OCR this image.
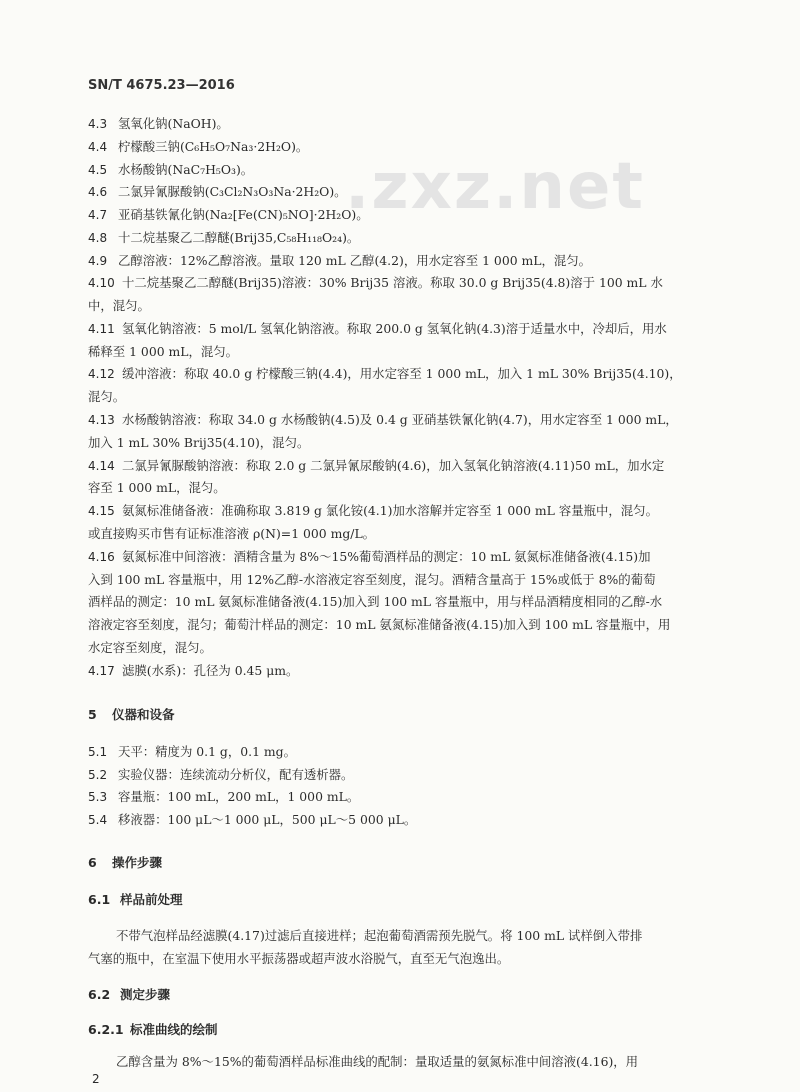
SN/T 4675.23—2016
.zxz.net
4.3 氢氧化钠(NaOH)。
4.4 柠檬酸三钠(C₆H₅O₇Na₃·2H₂O)。
4.5 水杨酸钠(NaC₇H₅O₃)。
4.6 二氯异氰脲酸钠(C₃Cl₂N₃O₃Na·2H₂O)。
4.7 亚硝基铁氰化钠(Na₂[Fe(CN)₅NO]·2H₂O)。
4.8 十二烷基聚乙二醇醚(Brij35,C₅₈H₁₁₈O₂₄)。
4.9 乙醇溶液：12%乙醇溶液。量取 120 mL 乙醇(4.2)，用水定容至 1 000 mL，混匀。
4.10 十二烷基聚乙二醇醚(Brij35)溶液：30% Brij35 溶液。称取 30.0 g Brij35(4.8)溶于 100 mL 水
中，混匀。
4.11 氢氧化钠溶液：5 mol/L 氢氧化钠溶液。称取 200.0 g 氢氧化钠(4.3)溶于适量水中，冷却后，用水
稀释至 1 000 mL，混匀。
4.12 缓冲溶液：称取 40.0 g 柠檬酸三钠(4.4)，用水定容至 1 000 mL，加入 1 mL 30% Brij35(4.10)，
混匀。
4.13 水杨酸钠溶液：称取 34.0 g 水杨酸钠(4.5)及 0.4 g 亚硝基铁氰化钠(4.7)，用水定容至 1 000 mL，
加入 1 mL 30% Brij35(4.10)，混匀。
4.14 二氯异氰脲酸钠溶液：称取 2.0 g 二氯异氰尿酸钠(4.6)，加入氢氧化钠溶液(4.11)50 mL，加水定
容至 1 000 mL，混匀。
4.15 氨氮标准储备液：准确称取 3.819 g 氯化铵(4.1)加水溶解并定容至 1 000 mL 容量瓶中，混匀。
或直接购买市售有证标准溶液 ρ(N)=1 000 mg/L。
4.16 氨氮标准中间溶液：酒精含量为 8%～15%葡萄酒样品的测定：10 mL 氨氮标准储备液(4.15)加
入到 100 mL 容量瓶中，用 12%乙醇-水溶液定容至刻度，混匀。酒精含量高于 15%或低于 8%的葡萄
酒样品的测定：10 mL 氨氮标准储备液(4.15)加入到 100 mL 容量瓶中，用与样品酒精度相同的乙醇-水
溶液定容至刻度，混匀；葡萄汁样品的测定：10 mL 氨氮标准储备液(4.15)加入到 100 mL 容量瓶中，用
水定容至刻度，混匀。
4.17 滤膜(水系)：孔径为 0.45 μm。
5 仪器和设备
5.1 天平：精度为 0.1 g，0.1 mg。
5.2 实验仪器：连续流动分析仪，配有透析器。
5.3 容量瓶：100 mL，200 mL，1 000 mL。
5.4 移液器：100 μL～1 000 μL，500 μL～5 000 μL。
6 操作步骤
6.1 样品前处理
不带气泡样品经滤膜(4.17)过滤后直接进样；起泡葡萄酒需预先脱气。将 100 mL 试样倒入带排
气塞的瓶中，在室温下使用水平振荡器或超声波水浴脱气，直至无气泡逸出。
6.2 测定步骤
6.2.1 标准曲线的绘制
乙醇含量为 8%～15%的葡萄酒样品标准曲线的配制：量取适量的氨氮标准中间溶液(4.16)，用
2
